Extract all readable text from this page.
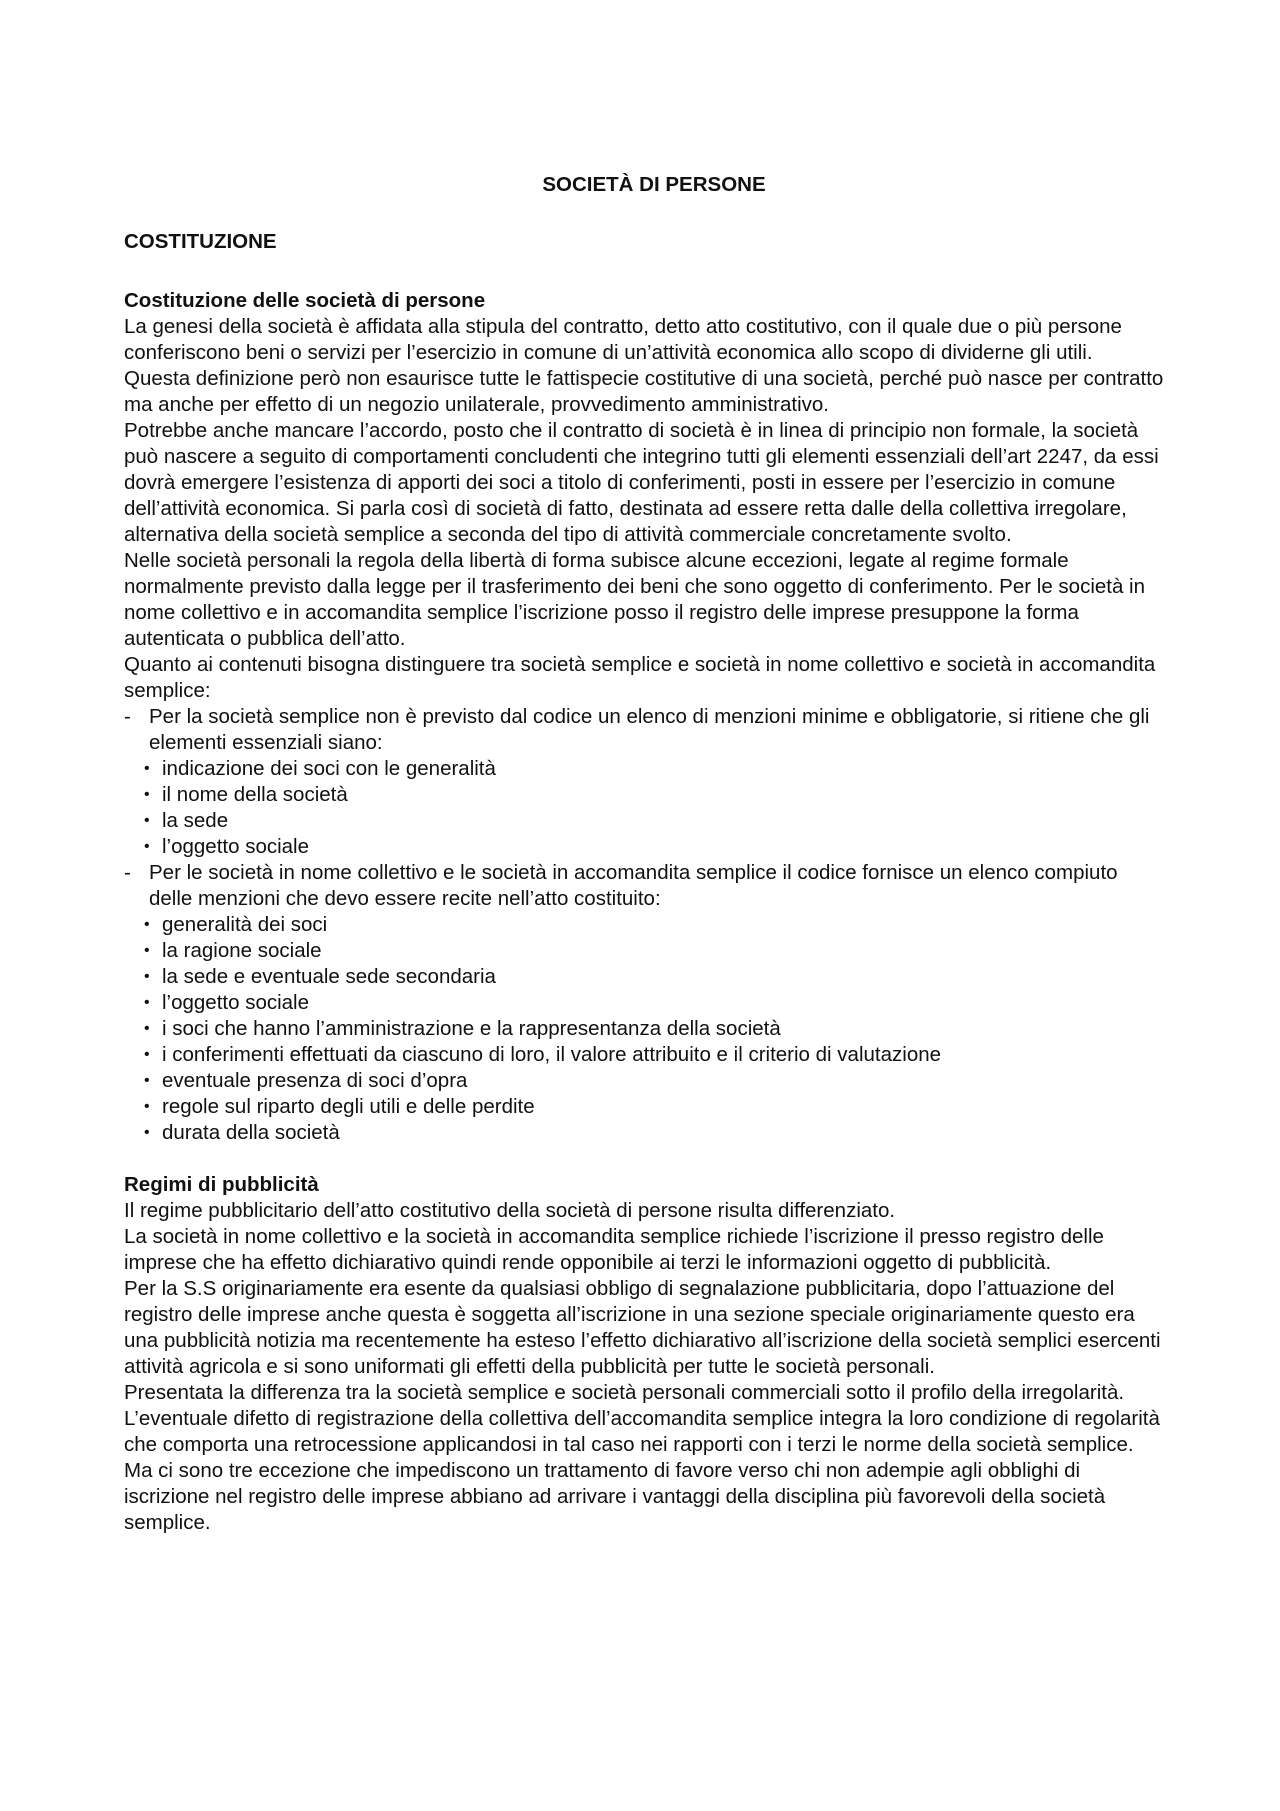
SOCIETÀ DI PERSONE
COSTITUZIONE
Costituzione delle società di persone

La genesi della società è affidata alla stipula del contratto, detto atto costitutivo, con il quale due o più persone conferiscono beni o servizi per l’esercizio in comune di un’attività economica allo scopo di dividerne gli utili. Questa definizione però non esaurisce tutte le fattispecie costitutive di una società, perché può nasce per contratto ma anche per effetto di un negozio unilaterale, provvedimento amministrativo.

Potrebbe anche mancare l’accordo, posto che il contratto di società è in linea di principio non formale, la società può nascere a seguito di comportamenti concludenti che integrino tutti gli elementi essenziali dell’art 2247, da essi dovrà emergere l’esistenza di apporti dei soci a titolo di conferimenti, posti in essere per l’esercizio in comune dell’attività economica. Si parla così di società di fatto, destinata ad essere retta dalle della collettiva irregolare, alternativa della società semplice a seconda del tipo di attività commerciale concretamente svolto.

Nelle società personali la regola della libertà di forma subisce alcune eccezioni, legate al regime formale normalmente previsto dalla legge per il trasferimento dei beni che sono oggetto di conferimento. Per le società in nome collettivo e in accomandita semplice l’iscrizione posso il registro delle imprese presuppone la forma autenticata o pubblica dell’atto.

Quanto ai contenuti bisogna distinguere tra società semplice e società in nome collettivo e società in accomandita semplice:

- Per la società semplice non è previsto dal codice un elenco di menzioni minime e obbligatorie, si ritiene che gli elementi essenziali siano:
• indicazione dei soci con le generalità
• il nome della società
• la sede
• l’oggetto sociale
- Per le società in nome collettivo e le società in accomandita semplice il codice fornisce un elenco compiuto delle menzioni che devo essere recite nell’atto costituito:
• generalità dei soci
• la ragione sociale
• la sede e eventuale sede secondaria
• l’oggetto sociale
• i soci che hanno l’amministrazione e la rappresentanza della società
• i conferimenti effettuati da ciascuno di loro, il valore attribuito e il criterio di valutazione
• eventuale presenza di soci d’opra
• regole sul riparto degli utili e delle perdite
• durata della società
Regimi di pubblicità

Il regime pubblicitario dell’atto costitutivo della società di persone risulta differenziato.

La società in nome collettivo e la società in accomandita semplice richiede l’iscrizione il presso registro delle imprese che ha effetto dichiarativo quindi rende opponibile ai terzi le informazioni oggetto di pubblicità.

Per la S.S originariamente era esente da qualsiasi obbligo di segnalazione pubblicitaria, dopo l’attuazione del registro delle imprese anche questa è soggetta all’iscrizione in una sezione speciale originariamente questo era una pubblicità notizia ma recentemente ha esteso l’effetto dichiarativo all’iscrizione della società semplici esercenti attività agricola e si sono uniformati gli effetti della pubblicità per tutte le società personali.

Presentata la differenza tra la società semplice e società personali commerciali sotto il profilo della irregolarità.

L’eventuale difetto di registrazione della collettiva dell’accomandita semplice integra la loro condizione di regolarità che comporta una retrocessione applicandosi in tal caso nei rapporti con i terzi le norme della società semplice. Ma ci sono tre eccezione che impediscono un trattamento di favore verso chi non adempie agli obblighi di iscrizione nel registro delle imprese abbiano ad arrivare i vantaggi della disciplina più favorevoli della società semplice.
